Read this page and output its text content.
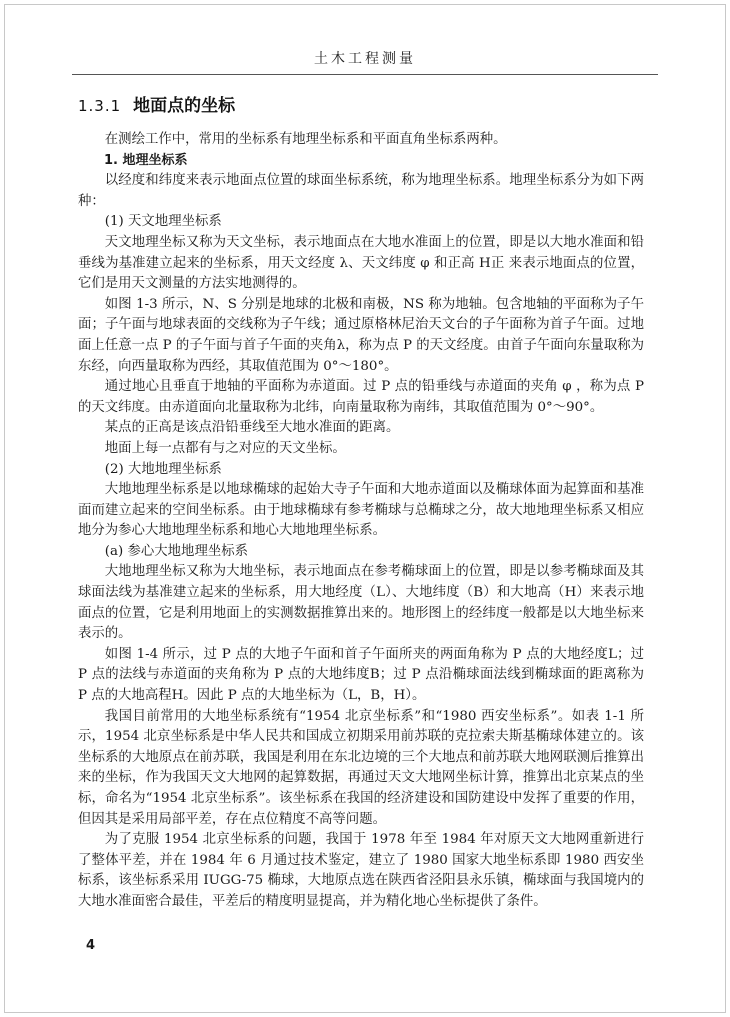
土木工程测量
1.3.1 地面点的坐标

在测绘工作中，常用的坐标系有地理坐标系和平面直角坐标系两种。

1. 地理坐标系

以经度和纬度来表示地面点位置的球面坐标系统，称为地理坐标系。地理坐标系分为如下两种：

(1) 天文地理坐标系

天文地理坐标又称为天文坐标，表示地面点在大地水准面上的位置，即是以大地水准面和铅垂线为基准建立起来的坐标系，用天文经度 λ、天文纬度 φ 和正高 H正 来表示地面点的位置，它们是用天文测量的方法实地测得的。

如图 1-3 所示，N、S 分别是地球的北极和南极，NS 称为地轴。包含地轴的平面称为子午面；子午面与地球表面的交线称为子午线；通过原格林尼治天文台的子午面称为首子午面。过地面上任意一点 P 的子午面与首子午面的夹角λ，称为点 P 的天文经度。由首子午面向东量取称为东经，向西量取称为西经，其取值范围为 0°～180°。

通过地心且垂直于地轴的平面称为赤道面。过 P 点的铅垂线与赤道面的夹角 φ ，称为点 P 的天文纬度。由赤道面向北量取称为北纬，向南量取称为南纬，其取值范围为 0°～90°。

某点的正高是该点沿铅垂线至大地水准面的距离。

地面上每一点都有与之对应的天文坐标。

(2) 大地地理坐标系

大地地理坐标系是以地球椭球的起始大寺子午面和大地赤道面以及椭球体面为起算面和基准面而建立起来的空间坐标系。由于地球椭球有参考椭球与总椭球之分，故大地地理坐标系又相应地分为参心大地地理坐标系和地心大地地理坐标系。

(a) 参心大地地理坐标系

大地地理坐标又称为大地坐标，表示地面点在参考椭球面上的位置，即是以参考椭球面及其球面法线为基准建立起来的坐标系，用大地经度（L）、大地纬度（B）和大地高（H）来表示地面点的位置，它是利用地面上的实测数据推算出来的。地形图上的经纬度一般都是以大地坐标来表示的。

如图 1-4 所示，过 P 点的大地子午面和首子午面所夹的两面角称为 P 点的大地经度L；过 P 点的法线与赤道面的夹角称为 P 点的大地纬度B；过 P 点沿椭球面法线到椭球面的距离称为 P 点的大地高程H。因此 P 点的大地坐标为（L，B，H）。

我国目前常用的大地坐标系统有“1954 北京坐标系”和“1980 西安坐标系”。如表 1-1 所示，1954 北京坐标系是中华人民共和国成立初期采用前苏联的克拉索夫斯基椭球体建立的。该坐标系的大地原点在前苏联，我国是利用在东北边境的三个大地点和前苏联大地网联测后推算出来的坐标，作为我国天文大地网的起算数据，再通过天文大地网坐标计算，推算出北京某点的坐标，命名为“1954 北京坐标系”。该坐标系在我国的经济建设和国防建设中发挥了重要的作用，但因其是采用局部平差，存在点位精度不高等问题。

为了克服 1954 北京坐标系的问题，我国于 1978 年至 1984 年对原天文大地网重新进行了整体平差，并在 1984 年 6 月通过技术鉴定，建立了 1980 国家大地坐标系即 1980 西安坐标系，该坐标系采用 IUGG-75 椭球，大地原点选在陕西省泾阳县永乐镇，椭球面与我国境内的大地水准面密合最佳，平差后的精度明显提高，并为精化地心坐标提供了条件。

4
